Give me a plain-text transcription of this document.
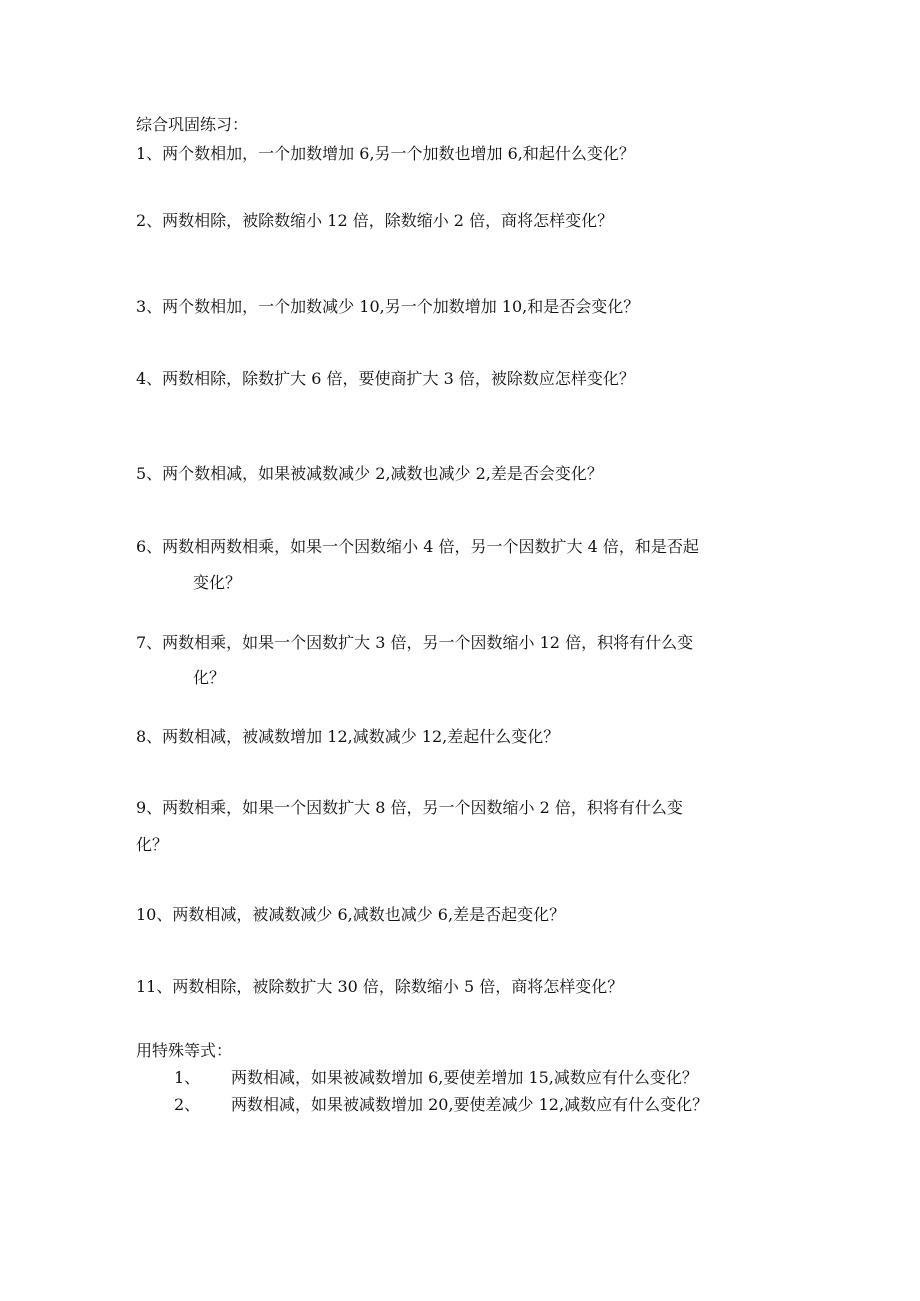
综合巩固练习：

1、两个数相加，一个加数增加 6,另一个加数也增加 6,和起什么变化？

2、两数相除，被除数缩小 12 倍，除数缩小 2 倍，商将怎样变化？

3、两个数相加，一个加数减少 10,另一个加数增加 10,和是否会变化？

4、两数相除，除数扩大 6 倍，要使商扩大 3 倍，被除数应怎样变化？

5、两个数相减，如果被减数减少 2,减数也减少 2,差是否会变化？

6、两数相两数相乘，如果一个因数缩小 4 倍，另一个因数扩大 4 倍，和是否起

变化？

7、两数相乘，如果一个因数扩大 3 倍，另一个因数缩小 12 倍，积将有什么变

化？

8、两数相减，被减数增加 12,减数减少 12,差起什么变化？

9、两数相乘，如果一个因数扩大 8 倍，另一个因数缩小 2 倍，积将有什么变

化？

10、两数相减，被减数减少 6,减数也减少 6,差是否起变化？

11、两数相除，被除数扩大 30 倍，除数缩小 5 倍，商将怎样变化？

用特殊等式：

1、 两数相减，如果被减数增加 6,要使差增加 15,减数应有什么变化？
2、 两数相减，如果被减数增加 20,要使差减少 12,减数应有什么变化？
